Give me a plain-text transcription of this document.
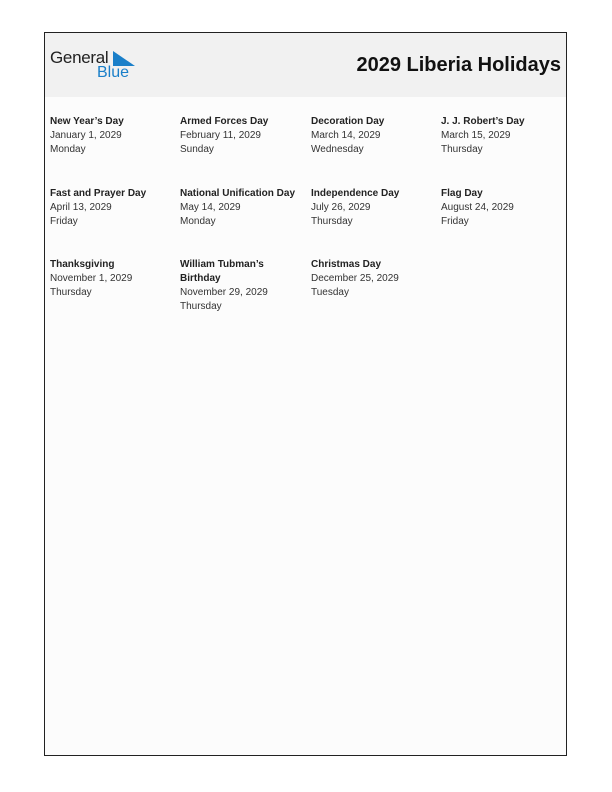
General
Blue	2029 Liberia Holidays
New Year’s Day
January 1, 2029
Monday
Armed Forces Day
February 11, 2029
Sunday
Decoration Day
March 14, 2029
Wednesday
J. J. Robert’s Day
March 15, 2029
Thursday
Fast and Prayer Day
April 13, 2029
Friday
National Unification Day
May 14, 2029
Monday
Independence Day
July 26, 2029
Thursday
Flag Day
August 24, 2029
Friday
Thanksgiving
November 1, 2029
Thursday
William Tubman’s Birthday
November 29, 2029
Thursday
Christmas Day
December 25, 2029
Tuesday
